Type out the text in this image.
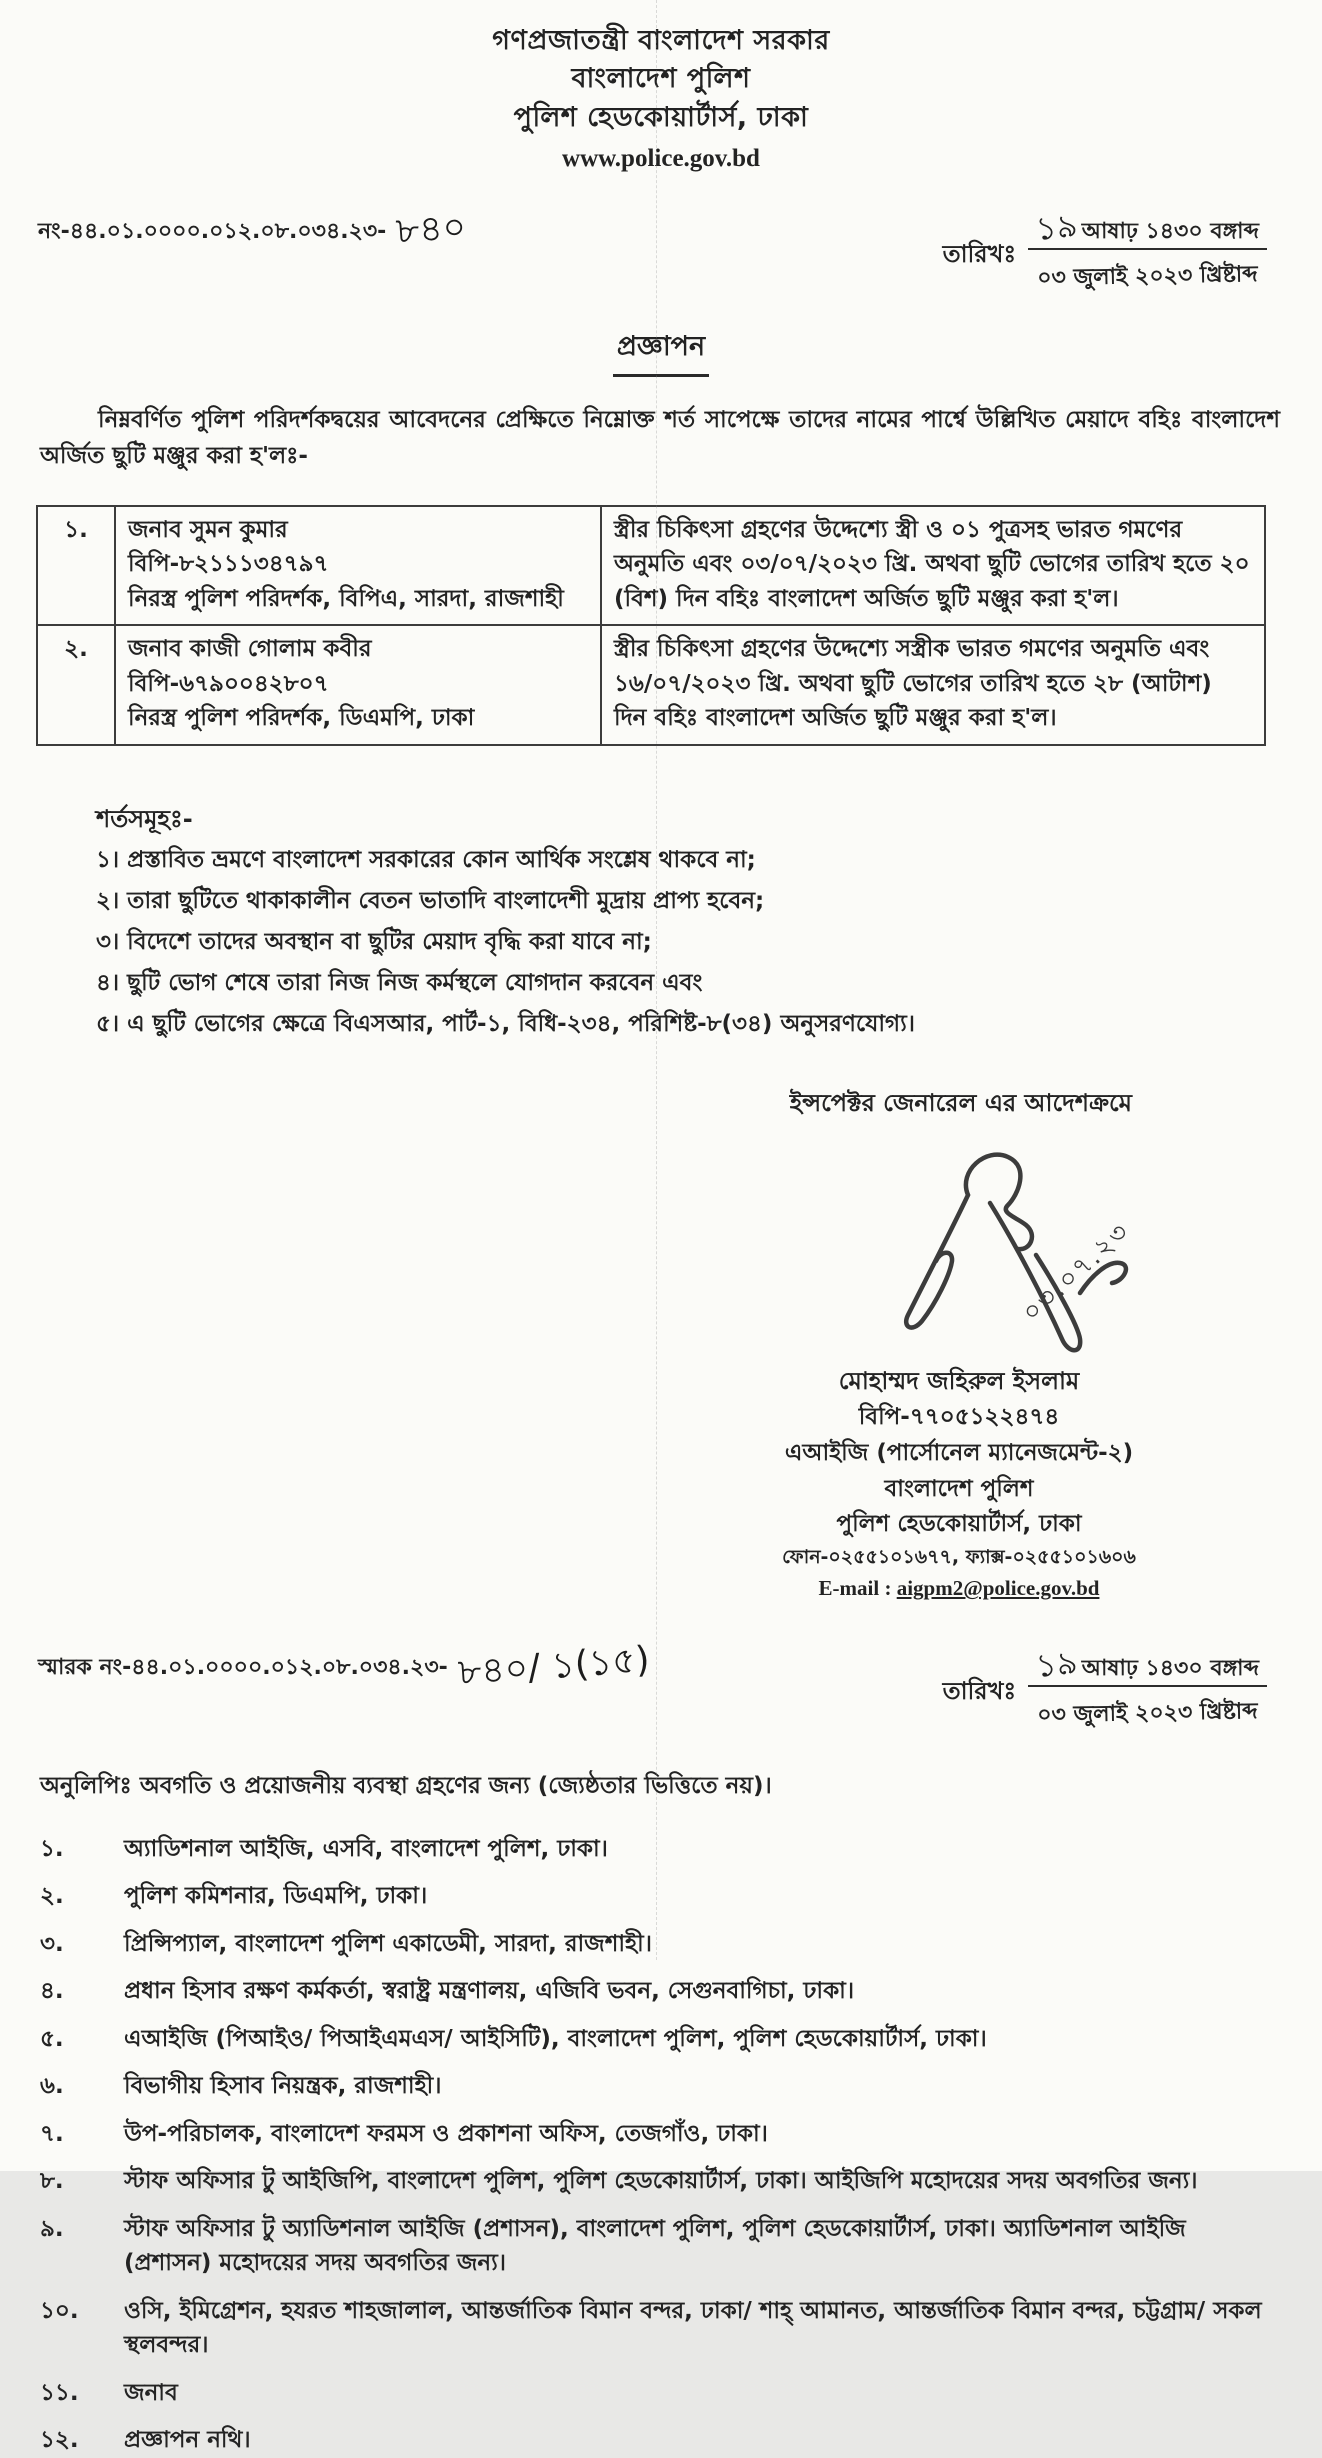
গণপ্রজাতন্ত্রী বাংলাদেশ সরকার
বাংলাদেশ পুলিশ
পুলিশ হেডকোয়ার্টার্স, ঢাকা
www.police.gov.bd
নং-৪৪.০১.০০০০.০১২.০৮.০৩৪.২৩- ৮৪০
তারিখঃ
১৯ আষাঢ় ১৪৩০ বঙ্গাব্দ
০৩ জুলাই ২০২৩ খ্রিষ্টাব্দ
প্রজ্ঞাপন

নিম্নবর্ণিত পুলিশ পরিদর্শকদ্বয়ের আবেদনের প্রেক্ষিতে নিম্নোক্ত শর্ত সাপেক্ষে তাদের নামের পার্শ্বে উল্লিখিত মেয়াদে বহিঃ বাংলাদেশ অর্জিত ছুটি মঞ্জুর করা হ'লঃ-

১.	জনাব সুমন কুমার
বিপি-৮২১১১৩৪৭৯৭
নিরস্ত্র পুলিশ পরিদর্শক, বিপিএ, সারদা, রাজশাহী	স্ত্রীর চিকিৎসা গ্রহণের উদ্দেশ্যে স্ত্রী ও ০১ পুত্রসহ ভারত গমণের অনুমতি এবং ০৩/০৭/২০২৩ খ্রি. অথবা ছুটি ভোগের তারিখ হতে ২০ (বিশ) দিন বহিঃ বাংলাদেশ অর্জিত ছুটি মঞ্জুর করা হ'ল।
২.	জনাব কাজী গোলাম কবীর
বিপি-৬৭৯০০৪২৮০৭
নিরস্ত্র পুলিশ পরিদর্শক, ডিএমপি, ঢাকা	স্ত্রীর চিকিৎসা গ্রহণের উদ্দেশ্যে সস্ত্রীক ভারত গমণের অনুমতি এবং ১৬/০৭/২০২৩ খ্রি. অথবা ছুটি ভোগের তারিখ হতে ২৮ (আটাশ) দিন বহিঃ বাংলাদেশ অর্জিত ছুটি মঞ্জুর করা হ'ল।
শর্তসমূহঃ-
১। প্রস্তাবিত ভ্রমণে বাংলাদেশ সরকারের কোন আর্থিক সংশ্লেষ থাকবে না;
২। তারা ছুটিতে থাকাকালীন বেতন ভাতাদি বাংলাদেশী মুদ্রায় প্রাপ্য হবেন;
৩। বিদেশে তাদের অবস্থান বা ছুটির মেয়াদ বৃদ্ধি করা যাবে না;
৪। ছুটি ভোগ শেষে তারা নিজ নিজ কর্মস্থলে যোগদান করবেন এবং
৫। এ ছুটি ভোগের ক্ষেত্রে বিএসআর, পার্ট-১, বিধি-২৩৪, পরিশিষ্ট-৮(৩৪) অনুসরণযোগ্য।
ইন্সপেক্টর জেনারেল এর আদেশক্রমে
০৩.০৭.২৩
মোহাম্মদ জহিরুল ইসলাম
বিপি-৭৭০৫১২২৪৭৪
এআইজি (পার্সোনেল ম্যানেজমেন্ট-২)
বাংলাদেশ পুলিশ
পুলিশ হেডকোয়ার্টার্স, ঢাকা
ফোন-০২৫৫১০১৬৭৭, ফ্যাক্স-০২৫৫১০১৬০৬
E-mail : aigpm2@police.gov.bd
স্মারক নং-৪৪.০১.০০০০.০১২.০৮.০৩৪.২৩- ৮৪০/ ১(১৫)	তারিখঃ
১৯ আষাঢ় ১৪৩০ বঙ্গাব্দ
০৩ জুলাই ২০২৩ খ্রিষ্টাব্দ

অনুলিপিঃ অবগতি ও প্রয়োজনীয় ব্যবস্থা গ্রহণের জন্য (জ্যেষ্ঠতার ভিত্তিতে নয়)।

১.	অ্যাডিশনাল আইজি, এসবি, বাংলাদেশ পুলিশ, ঢাকা।
২.	পুলিশ কমিশনার, ডিএমপি, ঢাকা।
৩.	প্রিন্সিপ্যাল, বাংলাদেশ পুলিশ একাডেমী, সারদা, রাজশাহী।
৪.	প্রধান হিসাব রক্ষণ কর্মকর্তা, স্বরাষ্ট্র মন্ত্রণালয়, এজিবি ভবন, সেগুনবাগিচা, ঢাকা।
৫.	এআইজি (পিআইও/ পিআইএমএস/ আইসিটি), বাংলাদেশ পুলিশ, পুলিশ হেডকোয়ার্টার্স, ঢাকা।
৬.	বিভাগীয় হিসাব নিয়ন্ত্রক, রাজশাহী।
৭.	উপ-পরিচালক, বাংলাদেশ ফরমস ও প্রকাশনা অফিস, তেজগাঁও, ঢাকা।
৮.	স্টাফ অফিসার টু আইজিপি, বাংলাদেশ পুলিশ, পুলিশ হেডকোয়ার্টার্স, ঢাকা। আইজিপি মহোদয়ের সদয় অবগতির জন্য।
৯.	স্টাফ অফিসার টু অ্যাডিশনাল আইজি (প্রশাসন), বাংলাদেশ পুলিশ, পুলিশ হেডকোয়ার্টার্স, ঢাকা। অ্যাডিশনাল আইজি (প্রশাসন) মহোদয়ের সদয় অবগতির জন্য।
১০.	ওসি, ইমিগ্রেশন, হযরত শাহজালাল, আন্তর্জাতিক বিমান বন্দর, ঢাকা/ শাহ্ আমানত, আন্তর্জাতিক বিমান বন্দর, চট্টগ্রাম/ সকল স্থলবন্দর।
১১.	জনাব
১২.	প্রজ্ঞাপন নথি।
